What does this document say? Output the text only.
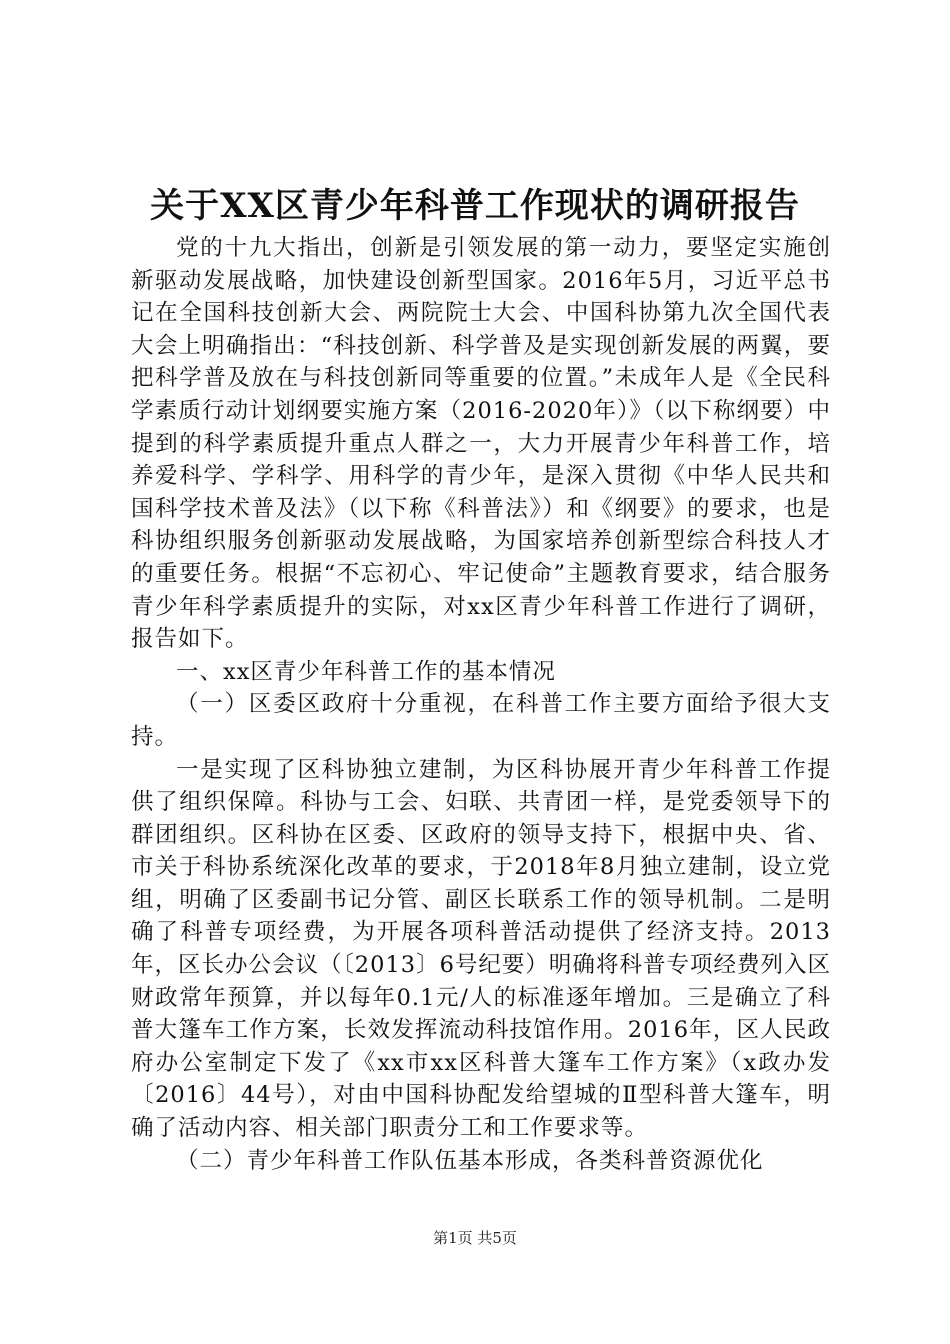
关于XX区青少年科普工作现状的调研报告

党的十九大指出，创新是引领发展的第一动力，要坚定实施创新驱动发展战略，加快建设创新型国家。2016年5月，习近平总书记在全国科技创新大会、两院院士大会、中国科协第九次全国代表大会上明确指出：“科技创新、科学普及是实现创新发展的两翼，要把科学普及放在与科技创新同等重要的位置。”未成年人是《全民科学素质行动计划纲要实施方案（2016-2020年）》（以下称纲要）中提到的科学素质提升重点人群之一，大力开展青少年科普工作，培养爱科学、学科学、用科学的青少年，是深入贯彻《中华人民共和国科学技术普及法》（以下称《科普法》）和《纲要》的要求，也是科协组织服务创新驱动发展战略，为国家培养创新型综合科技人才的重要任务。根据“不忘初心、牢记使命”主题教育要求，结合服务青少年科学素质提升的实际，对xx区青少年科普工作进行了调研，报告如下。

一、xx区青少年科普工作的基本情况

（一）区委区政府十分重视，在科普工作主要方面给予很大支持。

一是实现了区科协独立建制，为区科协展开青少年科普工作提供了组织保障。科协与工会、妇联、共青团一样，是党委领导下的群团组织。区科协在区委、区政府的领导支持下，根据中央、省、市关于科协系统深化改革的要求，于2018年8月独立建制，设立党组，明确了区委副书记分管、副区长联系工作的领导机制。二是明确了科普专项经费，为开展各项科普活动提供了经济支持。2013年，区长办公会议（〔2013〕6号纪要）明确将科普专项经费列入区财政常年预算，并以每年0.1元/人的标准逐年增加。三是确立了科普大篷车工作方案，长效发挥流动科技馆作用。2016年，区人民政府办公室制定下发了《xx市xx区科普大篷车工作方案》（x政办发〔2016〕44号），对由中国科协配发给望城的Ⅱ型科普大篷车，明确了活动内容、相关部门职责分工和工作要求等。

（二）青少年科普工作队伍基本形成，各类科普资源优化

第1页 共5页
